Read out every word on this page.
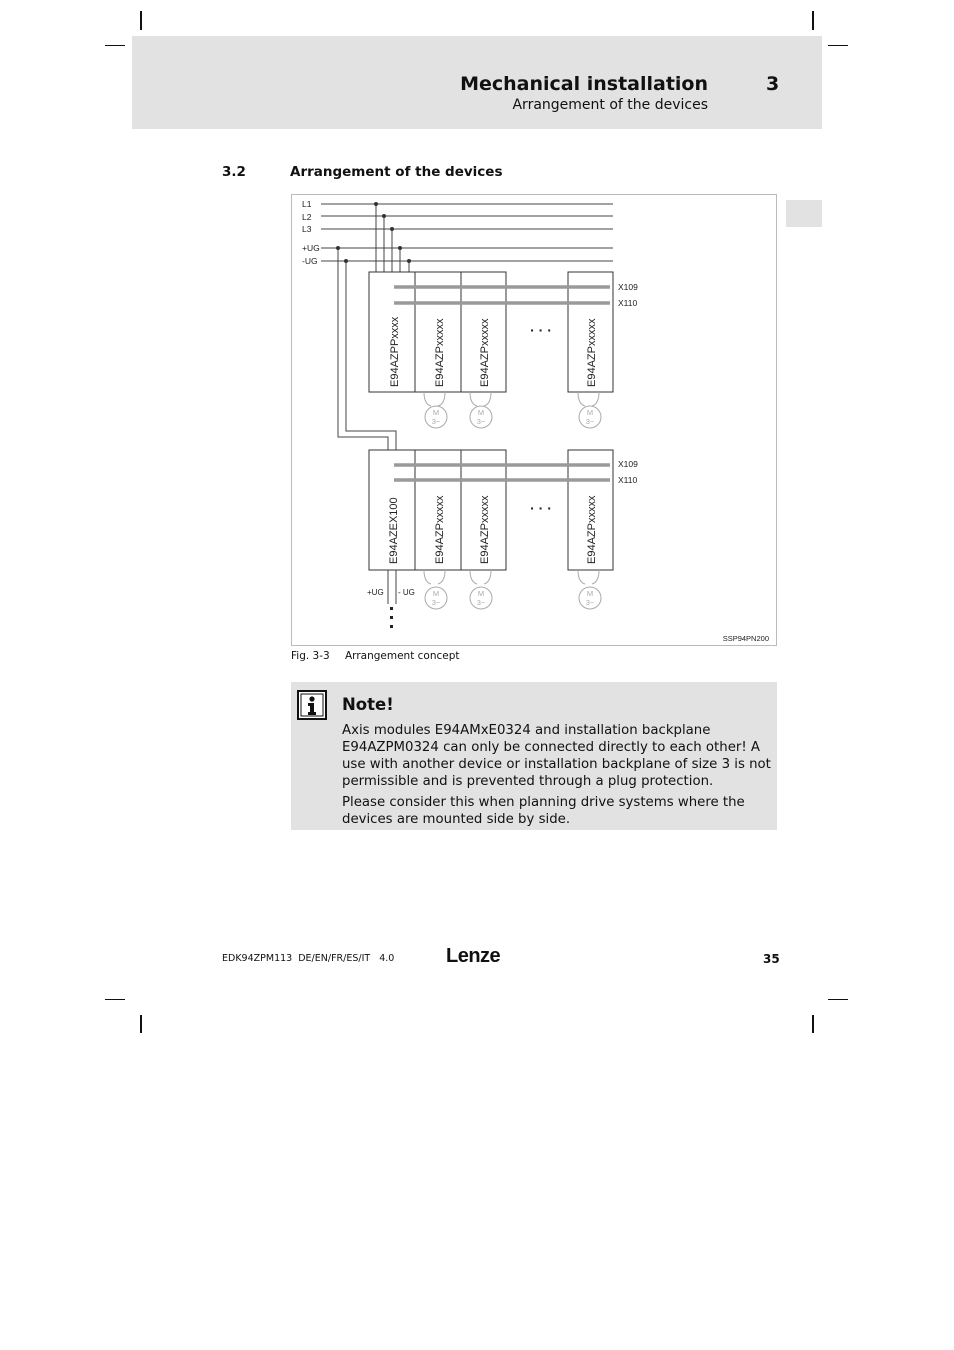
Mechanical installation	3
Arrangement of the devices
3.2	Arrangement of the devices
L1
L2
L3
+UG
-UG
X109
X110
E94AZPPxxxx	E94AZPxxxxx	E94AZPxxxxx	E94AZPxxxxx
· · ·
M
3~
M
3~
M
3~
X109
X110
E94AZEX100	E94AZPxxxxx	E94AZPxxxxx	E94AZPxxxxx
· · ·
+UG - UG M
3~
M
3~
M
3~
SSP94PN200
Fig. 3-3 Arrangement concept
Note!
Axis modules E94AMxE0324 and installation backplane E94AZPM0324 can only be connected directly to each other! A use with another device or installation backplane of size 3 is not permissible and is prevented through a plug protection.
Please consider this when planning drive systems where the devices are mounted side by side.
EDK94ZPM113  DE/EN/FR/ES/IT   4.0	Lenze	35
